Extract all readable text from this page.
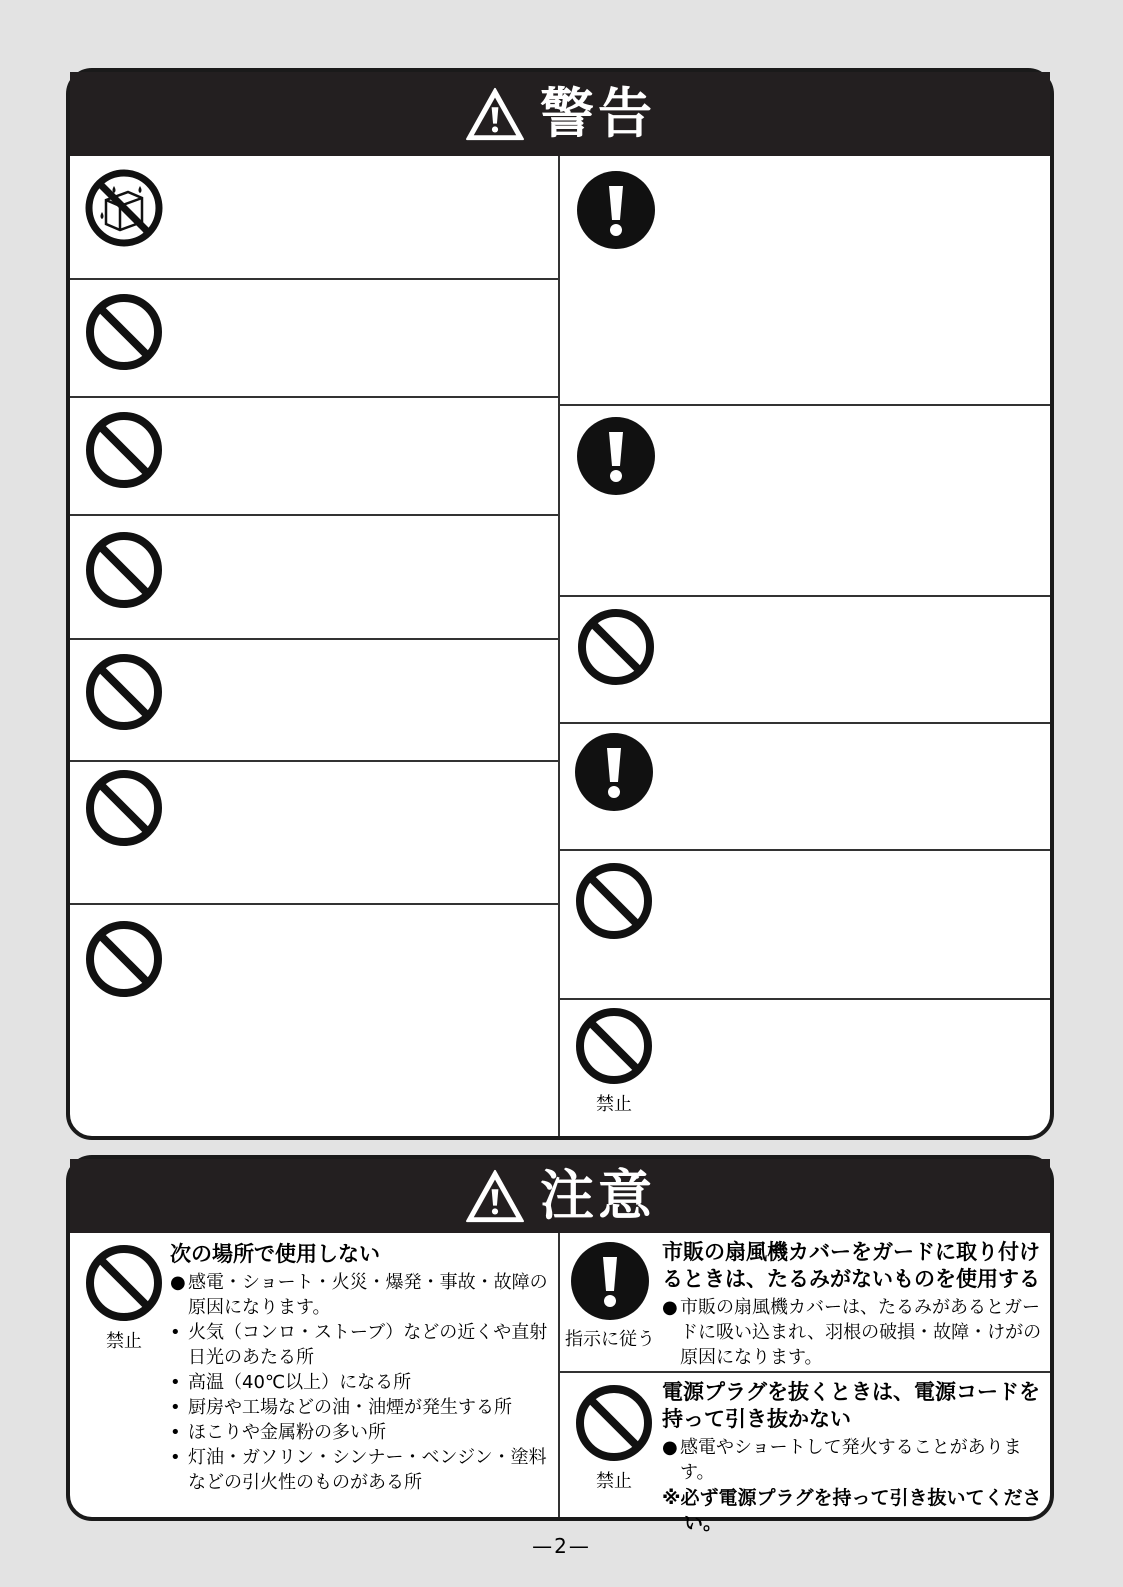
警告
禁止
注意
禁止

次の場所で使用しない

● 感電・ショート・火災・爆発・事故・故障の原因になります。
• 火気（コンロ・ストーブ）などの近くや直射日光のあたる所
• 高温（40℃以上）になる所
• 厨房や工場などの油・油煙が発生する所
• ほこりや金属粉の多い所
• 灯油・ガソリン・シンナー・ベンジン・塗料などの引火性のものがある所
指示に従う

市販の扇風機カバーをガードに取り付けるときは、たるみがないものを使用する

● 市販の扇風機カバーは、たるみがあるとガードに吸い込まれ、羽根の破損・故障・けがの原因になります。
禁止

電源プラグを抜くときは、電源コードを持って引き抜かない

● 感電やショートして発火することがあります。

※必ず電源プラグを持って引き抜いてください。

—2—
